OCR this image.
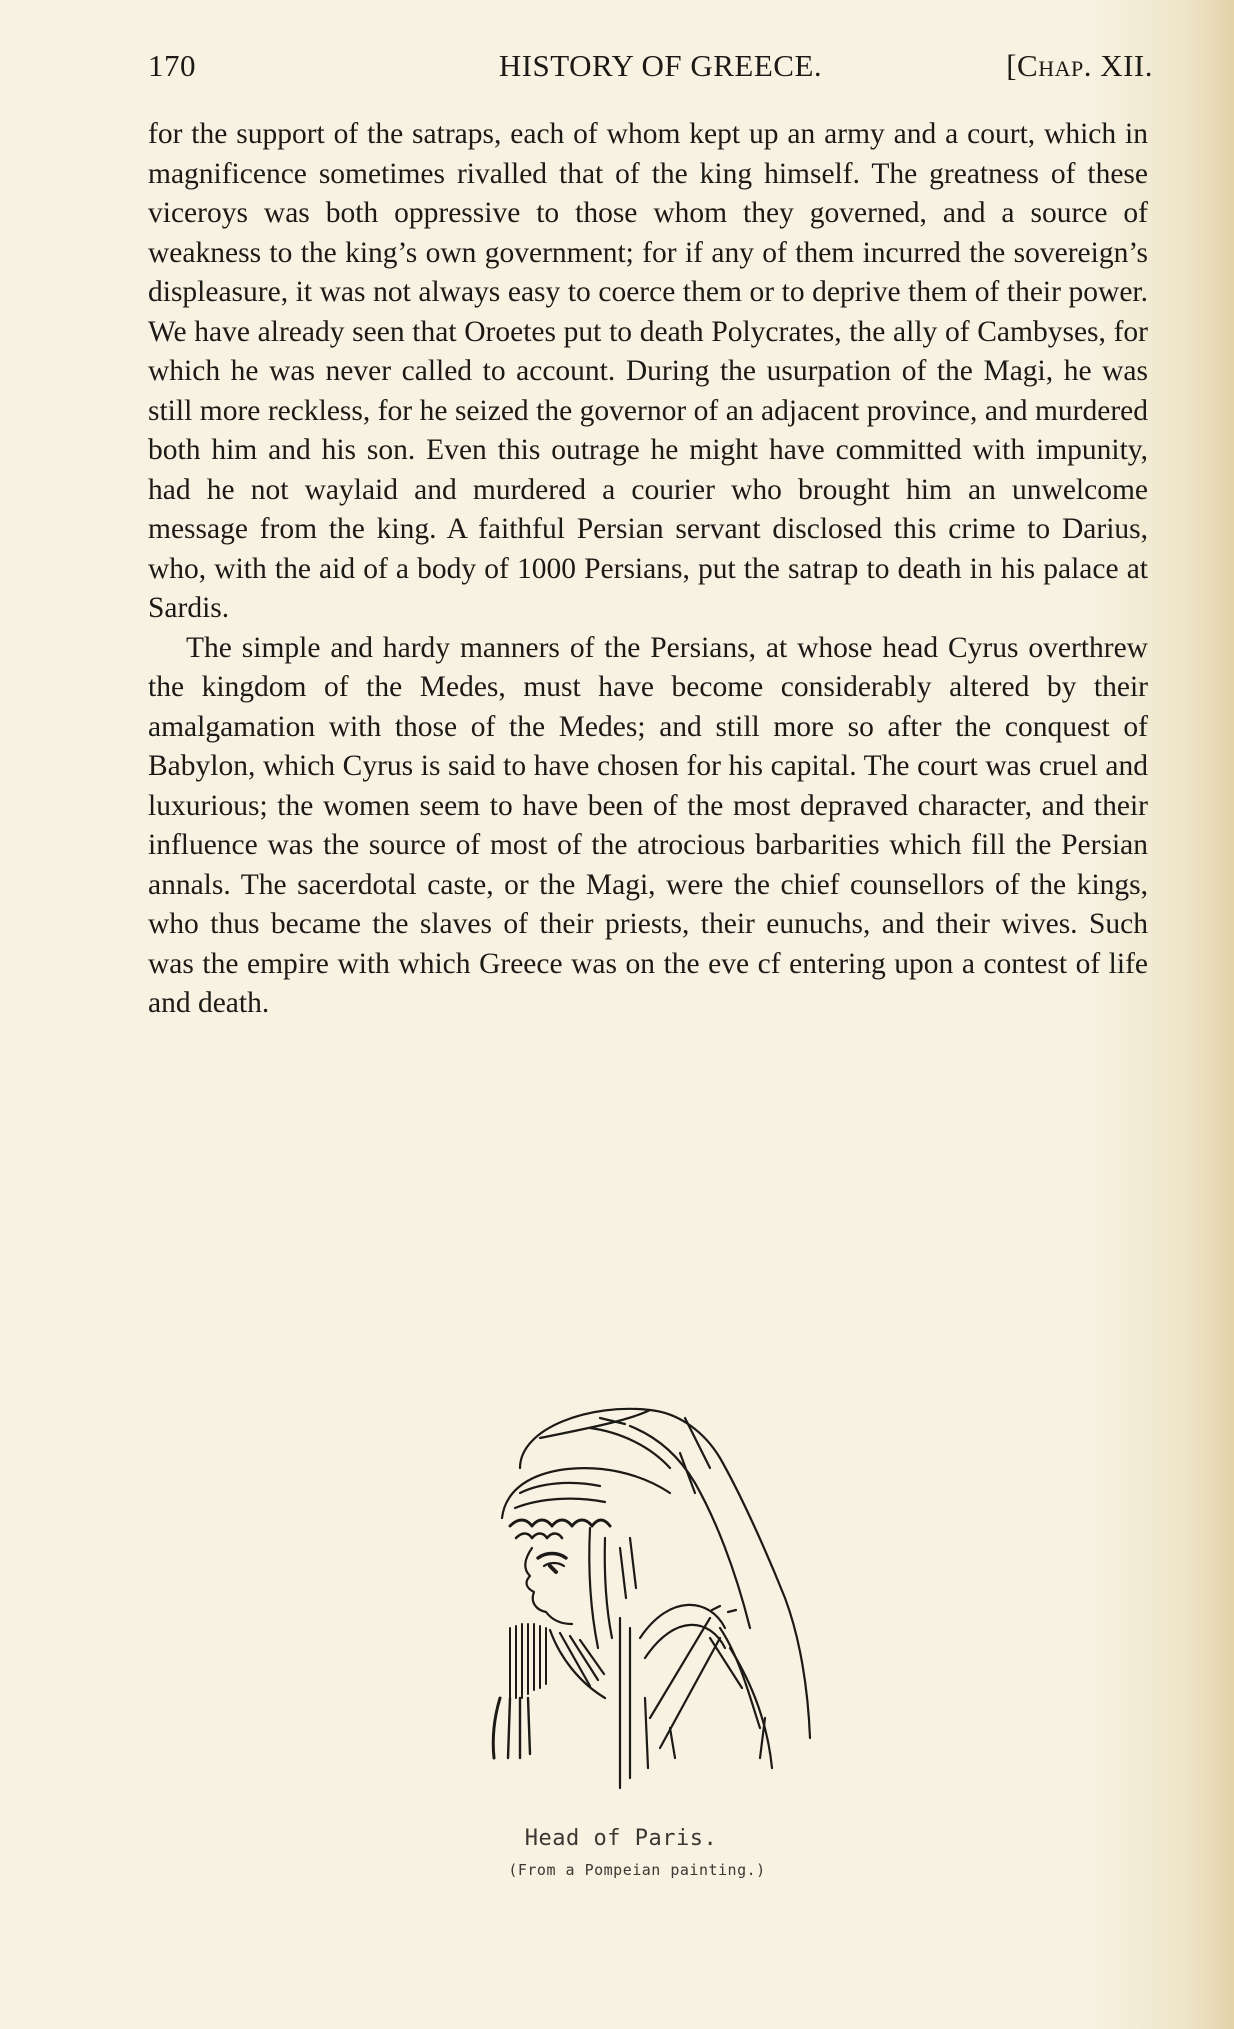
170	HISTORY OF GREECE.	[Chap. XII.

for the support of the satraps, each of whom kept up an army and a court, which in magnificence sometimes rivalled that of the king himself. The greatness of these viceroys was both oppressive to those whom they governed, and a source of weakness to the king’s own government; for if any of them incurred the sovereign’s displeasure, it was not always easy to coerce them or to deprive them of their power. We have already seen that Oroetes put to death Polycrates, the ally of Cambyses, for which he was never called to account. During the usurpation of the Magi, he was still more reckless, for he seized the governor of an adjacent province, and murdered both him and his son. Even this outrage he might have committed with impunity, had he not waylaid and murdered a courier who brought him an unwelcome message from the king. A faithful Persian servant disclosed this crime to Darius, who, with the aid of a body of 1000 Persians, put the satrap to death in his palace at Sardis.

The simple and hardy manners of the Persians, at whose head Cyrus overthrew the kingdom of the Medes, must have become considerably altered by their amalgamation with those of the Medes; and still more so after the conquest of Babylon, which Cyrus is said to have chosen for his capital. The court was cruel and luxurious; the women seem to have been of the most depraved character, and their influence was the source of most of the atrocious barbarities which fill the Persian annals. The sacerdotal caste, or the Magi, were the chief counsellors of the kings, who thus became the slaves of their priests, their eunuchs, and their wives. Such was the empire with which Greece was on the eve cf entering upon a contest of life and death.

Head of Paris.
(From a Pompeian painting.)
